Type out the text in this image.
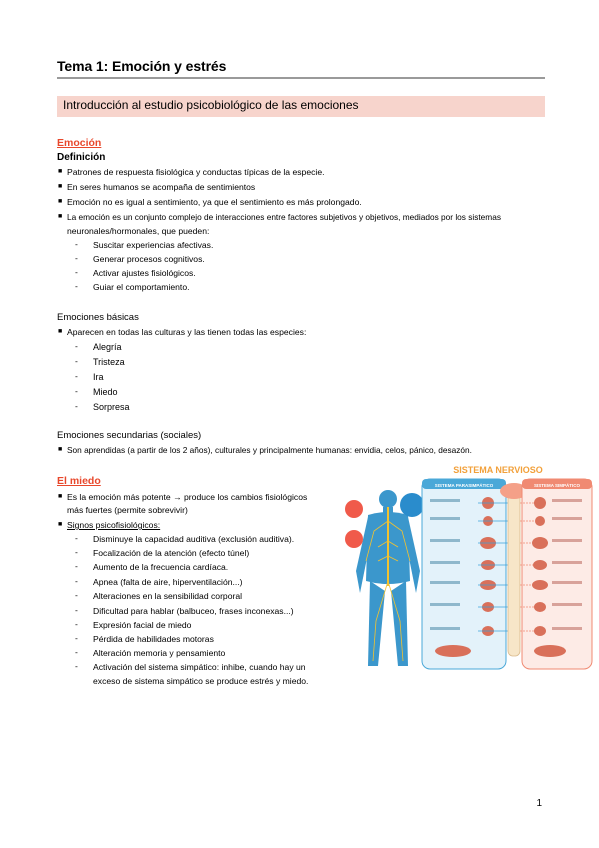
Tema 1: Emoción y estrés
Introducción al estudio psicobiológico de las emociones
Emoción
Definición
■ Patrones de respuesta fisiológica y conductas típicas de la especie.
■ En seres humanos se acompaña de sentimientos
■ Emoción no es igual a sentimiento, ya que el sentimiento es más prolongado.
■ La emoción es un conjunto complejo de interacciones entre factores subjetivos y objetivos, mediados por los sistemas
neuronales/hormonales, que pueden:
- Suscitar experiencias afectivas.
- Generar procesos cognitivos.
- Activar ajustes fisiológicos.
- Guiar el comportamiento.
Emociones básicas
■ Aparecen en todas las culturas y las tienen todas las especies:
- Alegría
- Tristeza
- Ira
- Miedo
- Sorpresa
Emociones secundarias (sociales)
■ Son aprendidas (a partir de los 2 años), culturales y principalmente humanas: envidia, celos, pánico, desazón.
El miedo
■ Es la emoción más potente → produce los cambios fisiológicos
más fuertes (permite sobrevivir)
■ Signos psicofisiológicos:
- Disminuye la capacidad auditiva (exclusión auditiva).
- Focalización de la atención (efecto túnel)
- Aumento de la frecuencia cardíaca.
- Apnea (falta de aire, hiperventilación...)
- Alteraciones en la sensibilidad corporal
- Dificultad para hablar (balbuceo, frases inconexas...)
- Expresión facial de miedo
- Pérdida de habilidades motoras
- Alteración memoria y pensamiento
- Activación del sistema simpático: inhibe, cuando hay un
exceso de sistema simpático se produce estrés y miedo.
SISTEMA NERVIOSO
SISTEMA PARASIMPÁTICO	SISTEMA SIMPÁTICO
1
